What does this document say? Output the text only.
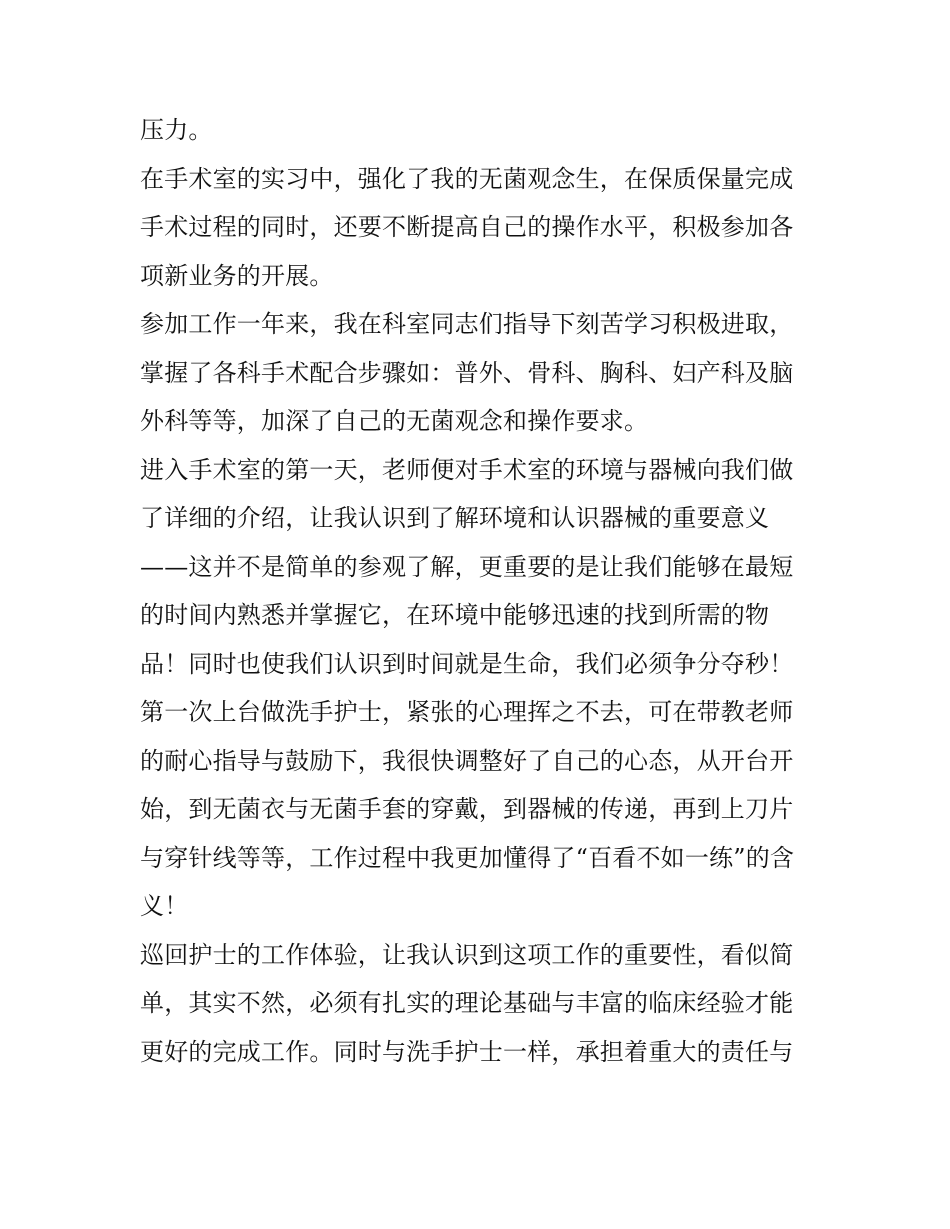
压力。
在手术室的实习中，强化了我的无菌观念生，在保质保量完成
手术过程的同时，还要不断提高自己的操作水平，积极参加各
项新业务的开展。
参加工作一年来，我在科室同志们指导下刻苦学习积极进取，
掌握了各科手术配合步骤如：普外、骨科、胸科、妇产科及脑
外科等等，加深了自己的无菌观念和操作要求。
进入手术室的第一天，老师便对手术室的环境与器械向我们做
了详细的介绍，让我认识到了解环境和认识器械的重要意义
——这并不是简单的参观了解，更重要的是让我们能够在最短
的时间内熟悉并掌握它，在环境中能够迅速的找到所需的物
品！同时也使我们认识到时间就是生命，我们必须争分夺秒！
第一次上台做洗手护士，紧张的心理挥之不去，可在带教老师
的耐心指导与鼓励下，我很快调整好了自己的心态，从开台开
始，到无菌衣与无菌手套的穿戴，到器械的传递，再到上刀片
与穿针线等等，工作过程中我更加懂得了“百看不如一练”的含
义！
巡回护士的工作体验，让我认识到这项工作的重要性，看似简
单，其实不然，必须有扎实的理论基础与丰富的临床经验才能
更好的完成工作。同时与洗手护士一样，承担着重大的责任与
